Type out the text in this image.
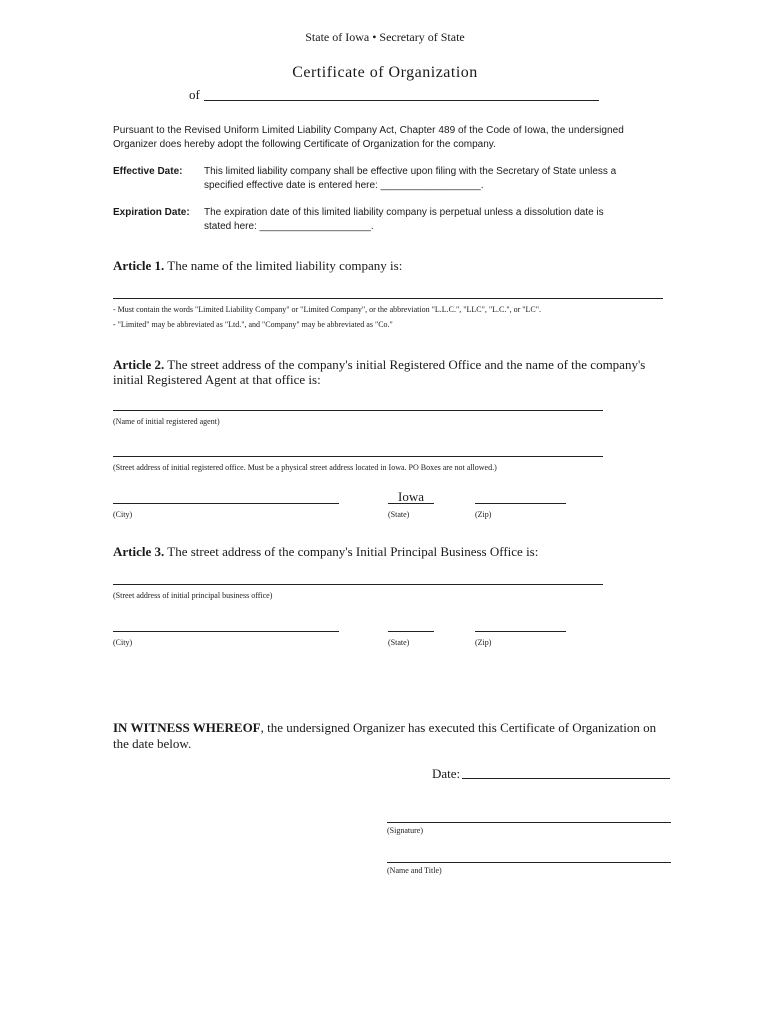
State of Iowa • Secretary of State
Certificate of Organization
of
Pursuant to the Revised Uniform Limited Liability Company Act, Chapter 489 of the Code of Iowa, the undersigned
Organizer does hereby adopt the following Certificate of Organization for the company.
Effective Date: This limited liability company shall be effective upon filing with the Secretary of State unless a
specified effective date is entered here: __________________.
Expiration Date: The expiration date of this limited liability company is perpetual unless a dissolution date is
stated here: ____________________.
Article 1. The name of the limited liability company is:
- Must contain the words "Limited Liability Company" or "Limited Company", or the abbreviation "L.L.C.", "LLC", "L.C.", or "LC".
- "Limited" may be abbreviated as "Ltd.", and "Company" may be abbreviated as "Co."
Article 2. The street address of the company's initial Registered Office and the name of the company's
initial Registered Agent at that office is:
(Name of initial registered agent)
(Street address of initial registered office. Must be a physical street address located in Iowa. PO Boxes are not allowed.)
Iowa
(City)	(State)	(Zip)
Article 3. The street address of the company's Initial Principal Business Office is:
(Street address of initial principal business office)
(City)	(State)	(Zip)
IN WITNESS WHEREOF, the undersigned Organizer has executed this Certificate of Organization on
the date below.
Date:
(Signature)
(Name and Title)
